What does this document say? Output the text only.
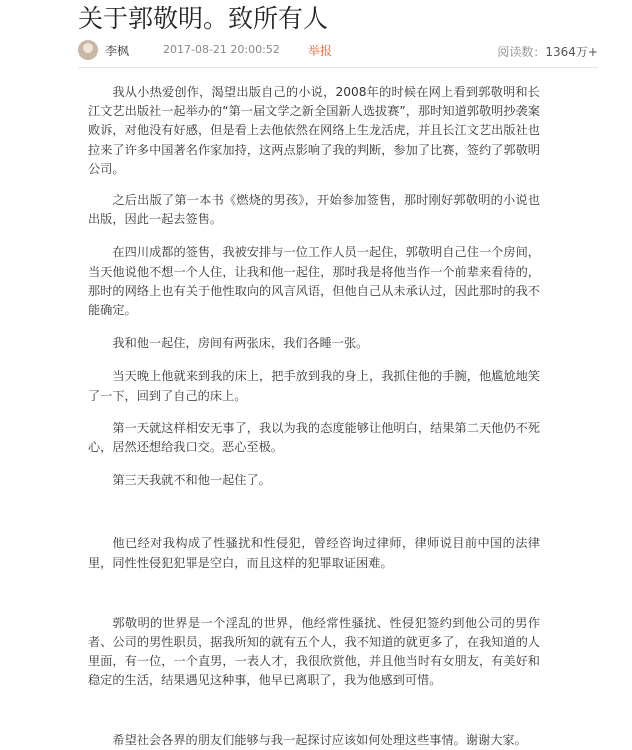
关于郭敬明。致所有人
李枫	2017-08-21 20:00:52 举报	阅读数：1364万+

我从小热爱创作，渴望出版自己的小说，2008年的时候在网上看到郭敬明和长江文艺出版社一起举办的“第一届文学之新全国新人选拔赛”，那时知道郭敬明抄袭案败诉，对他没有好感，但是看上去他依然在网络上生龙活虎，并且长江文艺出版社也拉来了许多中国著名作家加持，这两点影响了我的判断，参加了比赛，签约了郭敬明公司。

之后出版了第一本书《燃烧的男孩》，开始参加签售，那时刚好郭敬明的小说也出版，因此一起去签售。

在四川成都的签售，我被安排与一位工作人员一起住，郭敬明自己住一个房间，当天他说他不想一个人住，让我和他一起住，那时我是将他当作一个前辈来看待的，那时的网络上也有关于他性取向的风言风语，但他自己从未承认过，因此那时的我不能确定。

我和他一起住，房间有两张床，我们各睡一张。

当天晚上他就来到我的床上，把手放到我的身上，我抓住他的手腕，他尴尬地笑了一下，回到了自己的床上。

第一天就这样相安无事了，我以为我的态度能够让他明白，结果第二天他仍不死心，居然还想给我口交。恶心至极。

第三天我就不和他一起住了。

他已经对我构成了性骚扰和性侵犯，曾经咨询过律师，律师说目前中国的法律里，同性性侵犯犯罪是空白，而且这样的犯罪取证困难。

郭敬明的世界是一个淫乱的世界，他经常性骚扰、性侵犯签约到他公司的男作者、公司的男性职员，据我所知的就有五个人，我不知道的就更多了，在我知道的人里面，有一位，一个直男，一表人才，我很欣赏他，并且他当时有女朋友，有美好和稳定的生活，结果遇见这种事，他早已离职了，我为他感到可惜。

希望社会各界的朋友们能够与我一起探讨应该如何处理这些事情。谢谢大家。
